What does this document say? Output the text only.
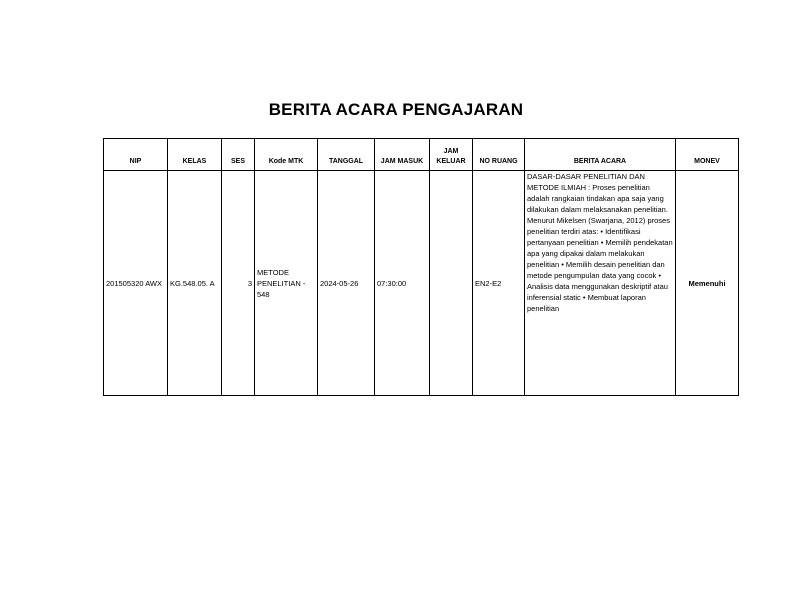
BERITA ACARA PENGAJARAN
NIP	KELAS	SES	Kode MTK	TANGGAL	JAM MASUK	JAM KELUAR	NO RUANG	BERITA ACARA	MONEV
201505320 AWX	KG.548.05. A	3	METODE PENELITIAN - 548	2024-05-26	07:30:00		EN2-E2	DASAR-DASAR PENELITIAN DAN METODE ILMIAH : Proses penelitian adalah rangkaian tindakan apa saja yang dilakukan dalam melaksanakan penelitian. Menurut Mikelsen (Swarjana, 2012) proses penelitian terdiri atas: • Identifikasi pertanyaan penelitian • Memilih pendekatan apa yang dipakai dalam melakukan penelitian • Memilih desain penelitian dan metode pengumpulan data yang cocok • Analisis data menggunakan deskriptif atau inferensial static • Membuat laporan penelitian	Memenuhi
